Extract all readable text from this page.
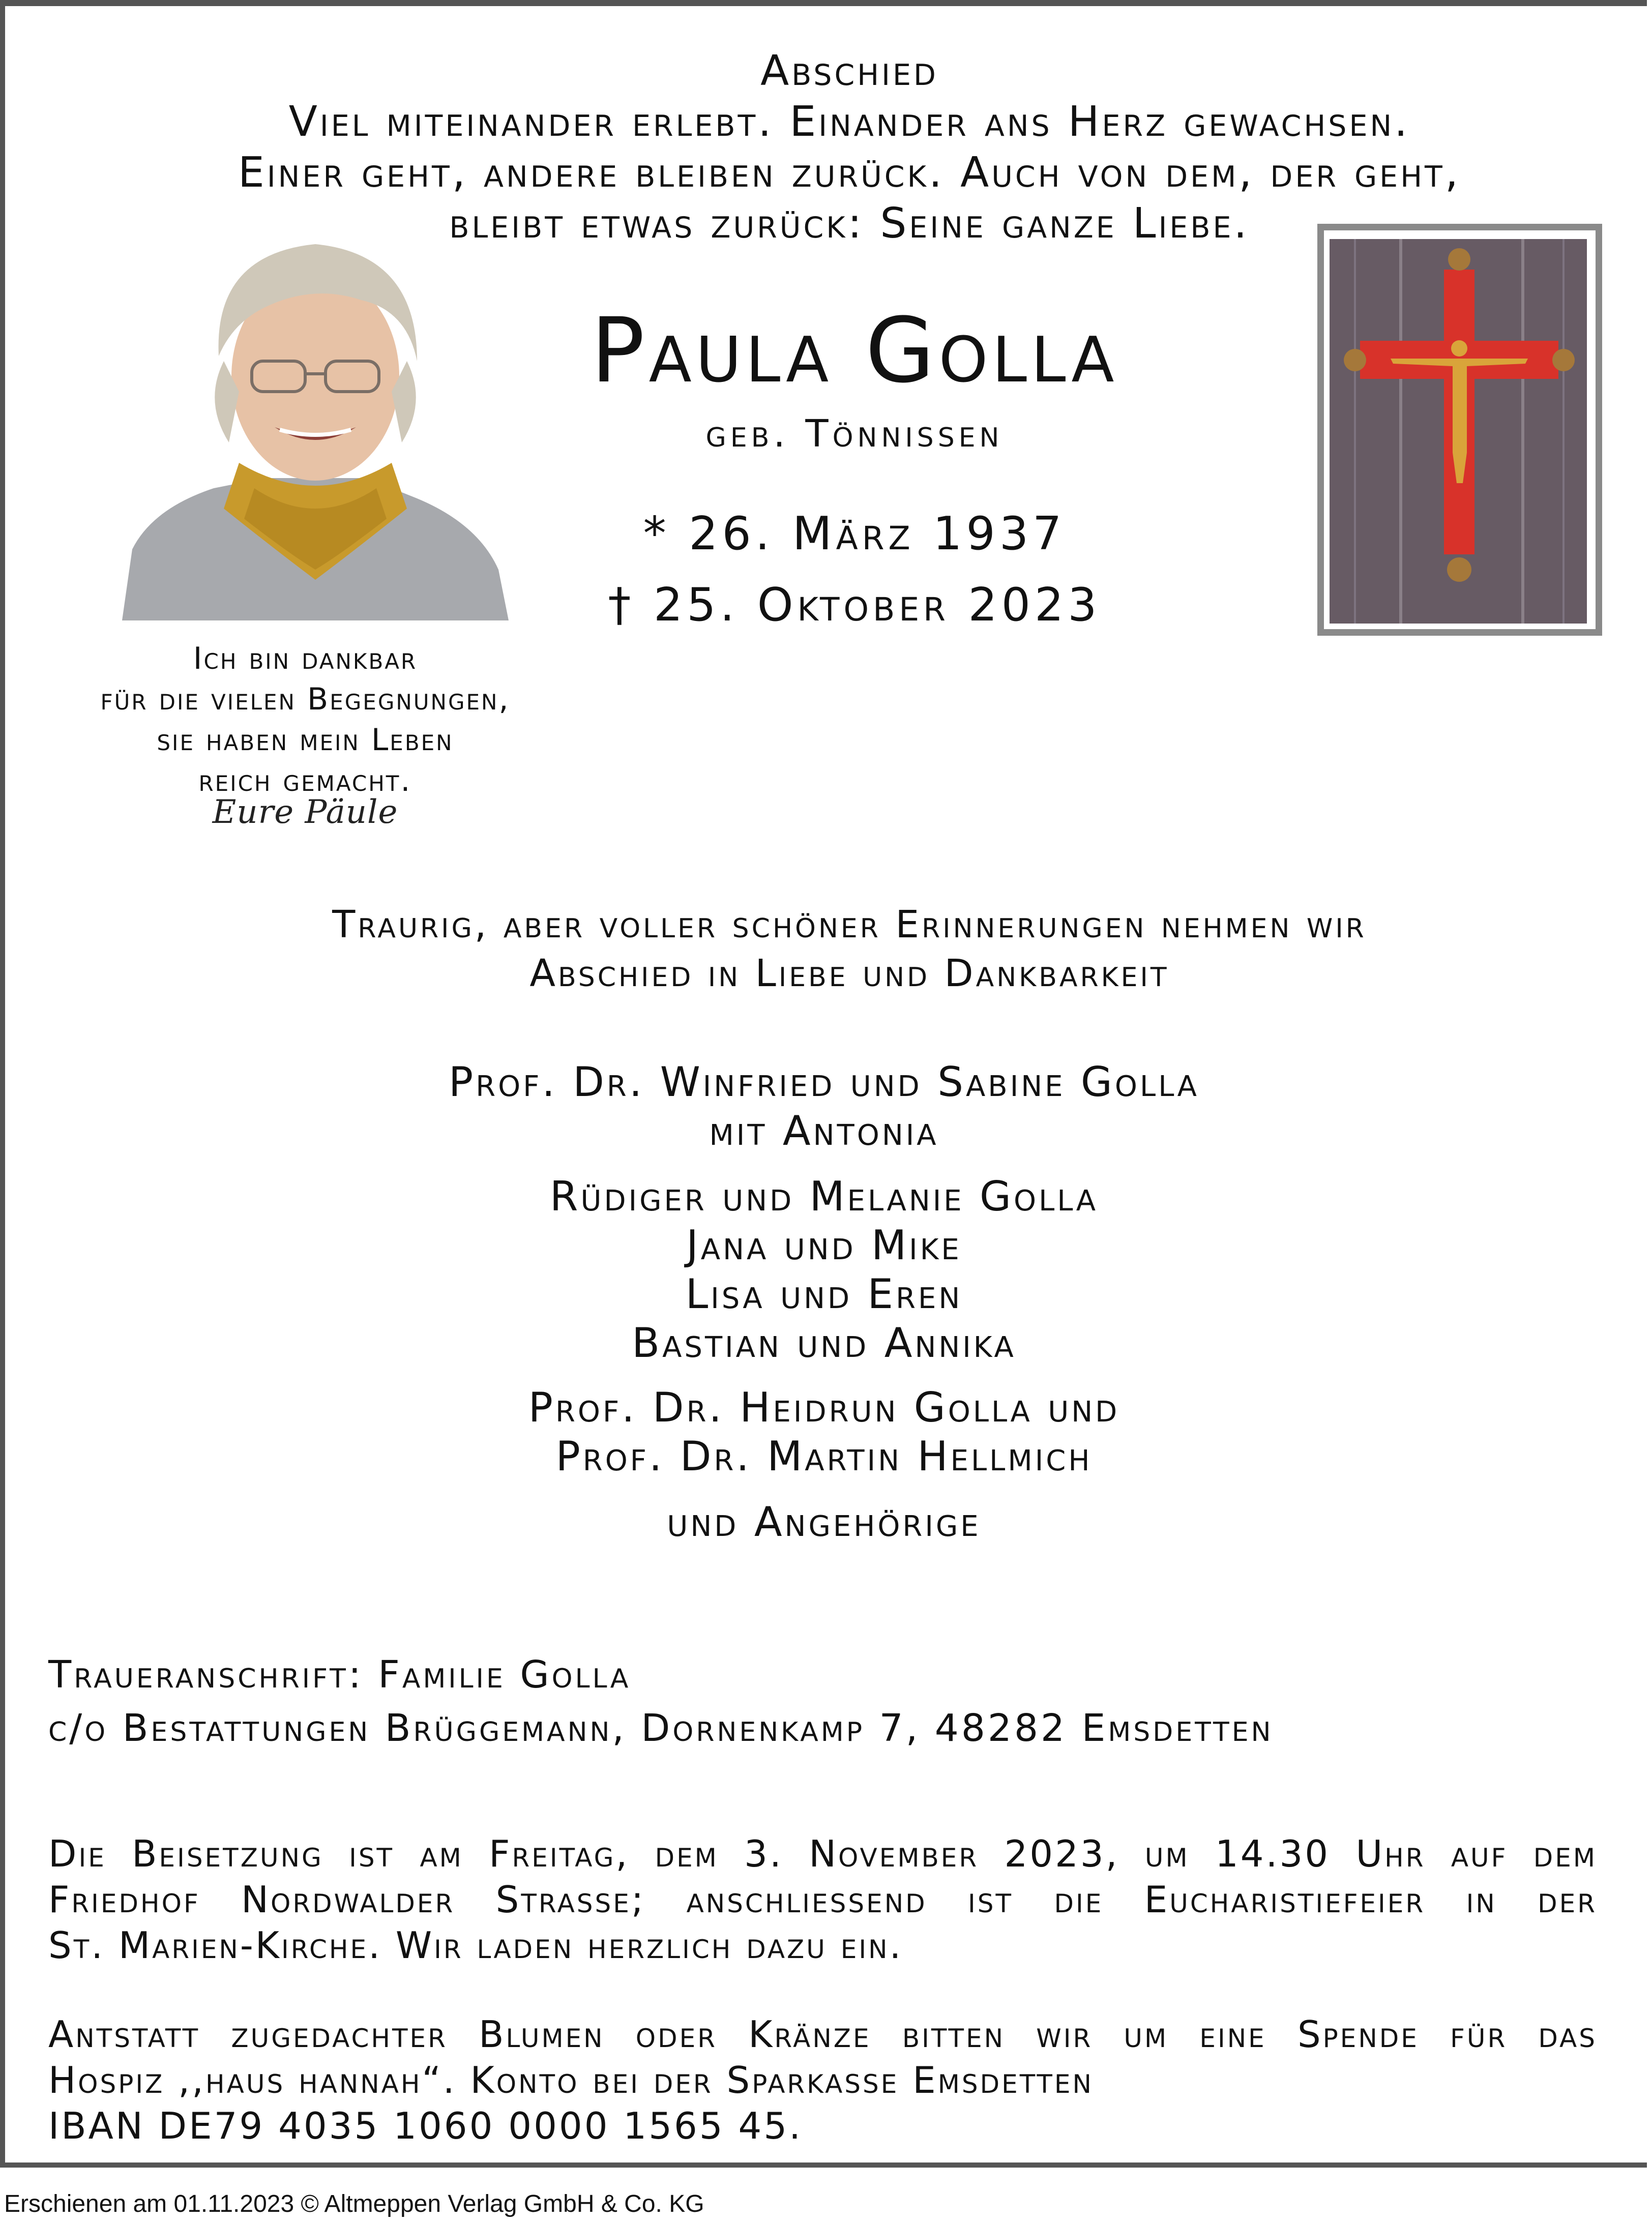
Abschied
Viel miteinander erlebt. Einander ans Herz gewachsen.
Einer geht, andere bleiben zurück. Auch von dem, der geht,
bleibt etwas zurück: Seine ganze Liebe.
Paula Golla
geb. Tönnissen
* 26. März 1937
† 25. Oktober 2023
Ich bin dankbar
für die vielen Begegnungen,
sie haben mein Leben
reich gemacht.
Eure Päule
Traurig, aber voller schöner Erinnerungen nehmen wir
Abschied in Liebe und Dankbarkeit
Prof. Dr. Winfried und Sabine Golla
mit Antonia
Rüdiger und Melanie Golla
Jana und Mike
Lisa und Eren
Bastian und Annika
Prof. Dr. Heidrun Golla und
Prof. Dr. Martin Hellmich
und Angehörige
Traueranschrift: Familie Golla
c/o Bestattungen Brüggemann, Dornenkamp 7, 48282 Emsdetten
Die Beisetzung ist am Freitag, dem 3. November 2023, um 14.30 Uhr auf dem
Friedhof Nordwalder Strasse; anschliessend ist die Eucharistiefeier in der
St. Marien-Kirche. Wir laden herzlich dazu ein.
Antstatt zugedachter Blumen oder Kränze bitten wir um eine Spende für das
Hospiz ,,haus hannah“. Konto bei der Sparkasse Emsdetten
IBAN DE79 4035 1060 0000 1565 45.
Erschienen am 01.11.2023 © Altmeppen Verlag GmbH & Co. KG
